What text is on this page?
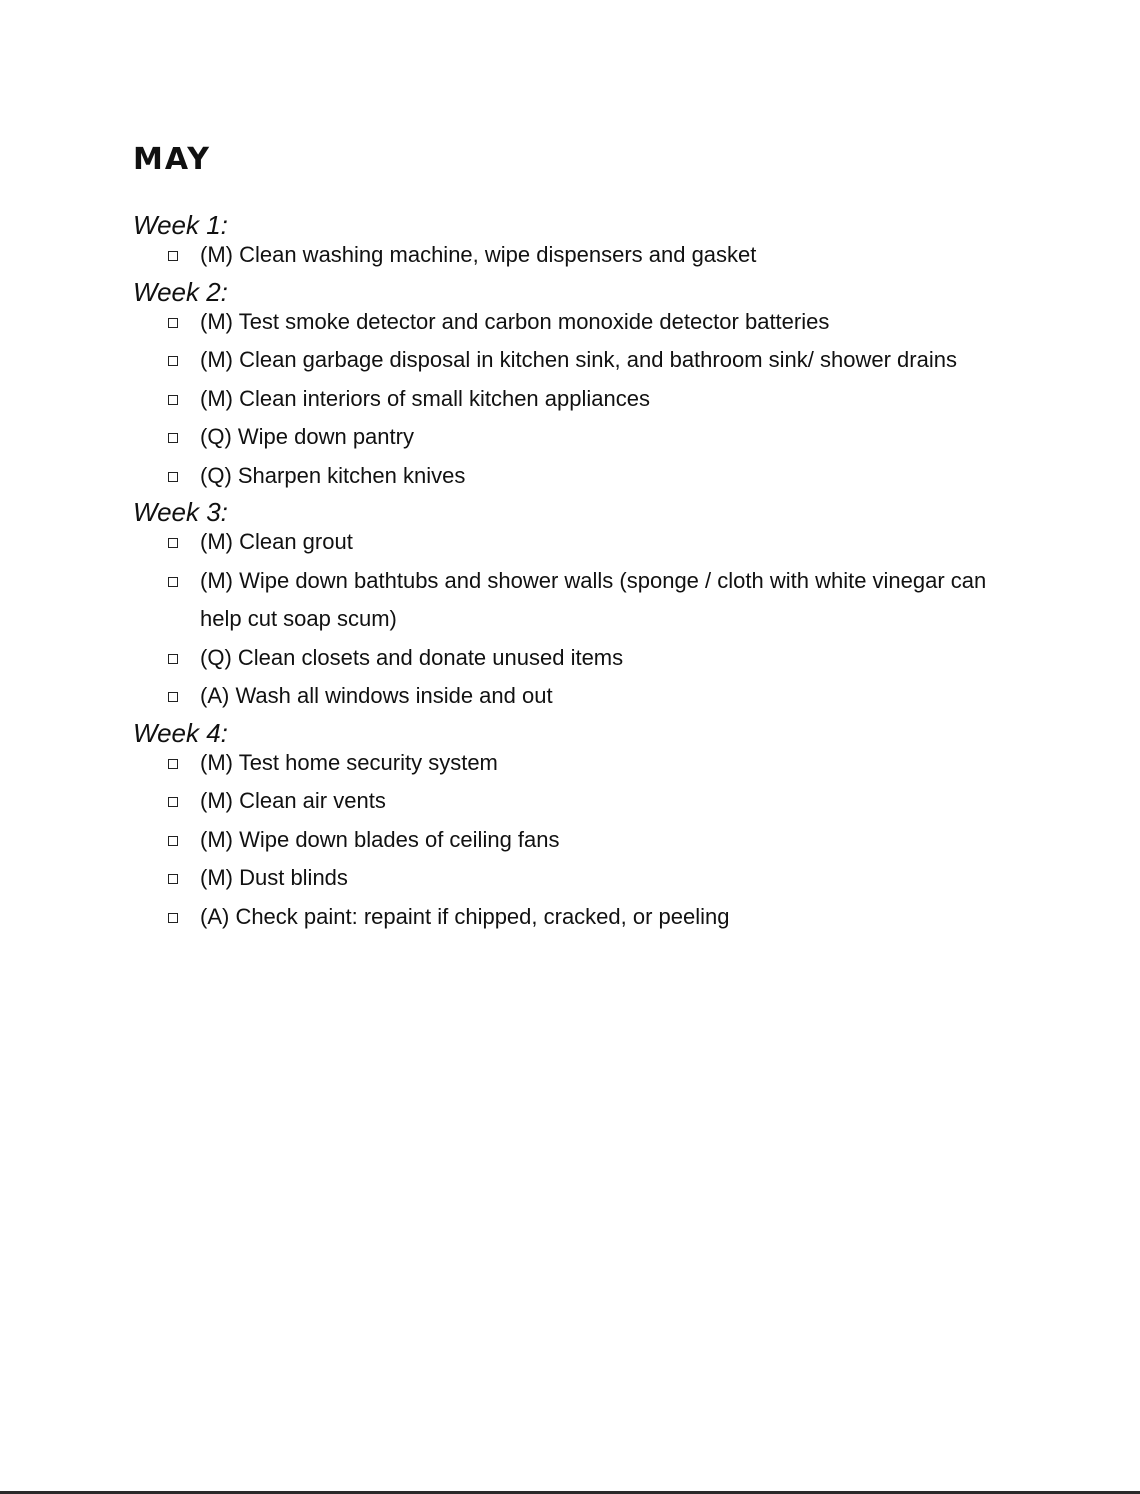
MAY
Week 1:
(M) Clean washing machine, wipe dispensers and gasket
Week 2:
(M) Test smoke detector and carbon monoxide detector batteries
(M) Clean garbage disposal in kitchen sink, and bathroom sink/ shower drains
(M) Clean interiors of small kitchen appliances
(Q) Wipe down pantry
(Q) Sharpen kitchen knives
Week 3:
(M) Clean grout
(M) Wipe down bathtubs and shower walls (sponge / cloth with white vinegar can help cut soap scum)
(Q) Clean closets and donate unused items
(A) Wash all windows inside and out
Week 4:
(M) Test home security system
(M) Clean air vents
(M) Wipe down blades of ceiling fans
(M) Dust blinds
(A) Check paint: repaint if chipped, cracked, or peeling
